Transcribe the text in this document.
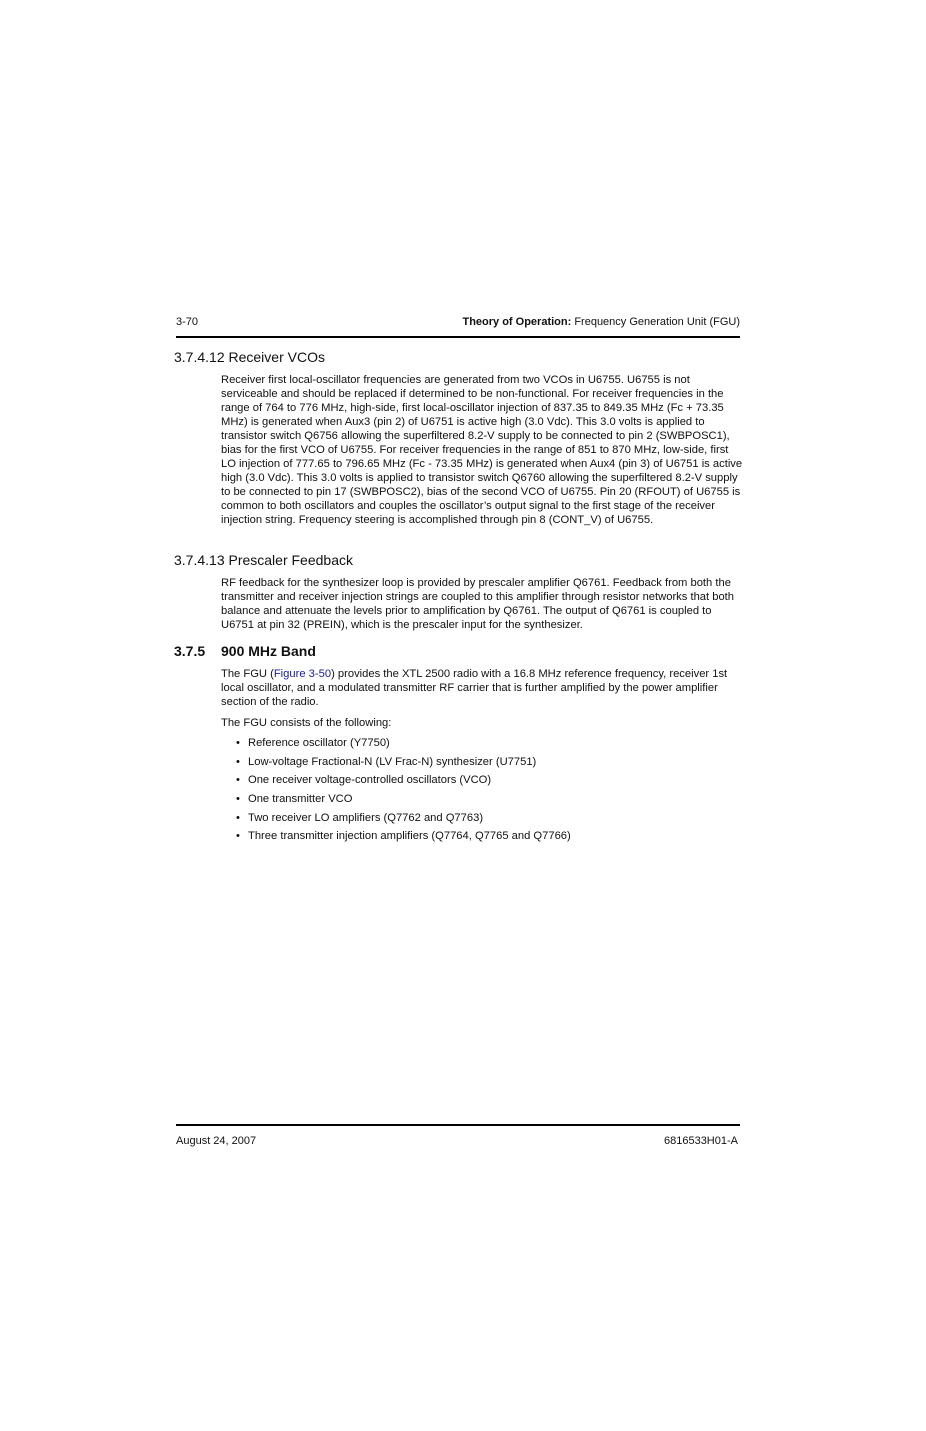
3-70	Theory of Operation: Frequency Generation Unit (FGU)
3.7.4.12 Receiver VCOs
Receiver first local-oscillator frequencies are generated from two VCOs in U6755. U6755 is not serviceable and should be replaced if determined to be non-functional. For receiver frequencies in the range of 764 to 776 MHz, high-side, first local-oscillator injection of 837.35 to 849.35 MHz (Fc + 73.35 MHz) is generated when Aux3 (pin 2) of U6751 is active high (3.0 Vdc). This 3.0 volts is applied to transistor switch Q6756 allowing the superfiltered 8.2-V supply to be connected to pin 2 (SWBPOSC1), bias for the first VCO of U6755. For receiver frequencies in the range of 851 to 870 MHz, low-side, first LO injection of 777.65 to 796.65 MHz (Fc - 73.35 MHz) is generated when Aux4 (pin 3) of U6751 is active high (3.0 Vdc). This 3.0 volts is applied to transistor switch Q6760 allowing the superfiltered 8.2-V supply to be connected to pin 17 (SWBPOSC2), bias of the second VCO of U6755. Pin 20 (RFOUT) of U6755 is common to both oscillators and couples the oscillator’s output signal to the first stage of the receiver injection string. Frequency steering is accomplished through pin 8 (CONT_V) of U6755.
3.7.4.13 Prescaler Feedback
RF feedback for the synthesizer loop is provided by prescaler amplifier Q6761. Feedback from both the transmitter and receiver injection strings are coupled to this amplifier through resistor networks that both balance and attenuate the levels prior to amplification by Q6761. The output of Q6761 is coupled to U6751 at pin 32 (PREIN), which is the prescaler input for the synthesizer.
3.7.5 900 MHz Band
The FGU (Figure 3-50) provides the XTL 2500 radio with a 16.8 MHz reference frequency, receiver 1st local oscillator, and a modulated transmitter RF carrier that is further amplified by the power amplifier section of the radio.
The FGU consists of the following:
• Reference oscillator (Y7750)
• Low-voltage Fractional-N (LV Frac-N) synthesizer (U7751)
• One receiver voltage-controlled oscillators (VCO)
• One transmitter VCO
• Two receiver LO amplifiers (Q7762 and Q7763)
• Three transmitter injection amplifiers (Q7764, Q7765 and Q7766)
August 24, 2007	6816533H01-A
